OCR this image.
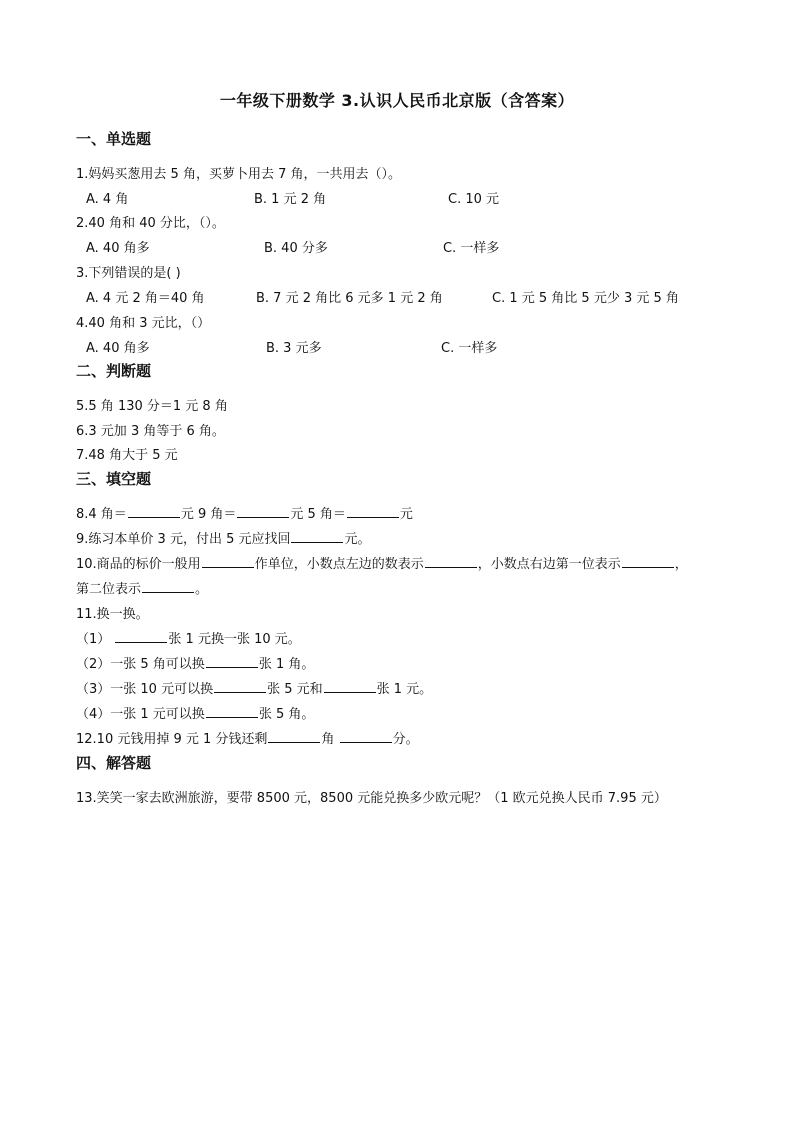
一年级下册数学 3.认识人民币北京版（含答案）
一、单选题
1.妈妈买葱用去 5 角，买萝卜用去 7 角，一共用去（）。
A. 4 角	B. 1 元 2 角	C. 10 元
2.40 角和 40 分比，（）。
A. 40 角多	B. 40 分多	C. 一样多
3.下列错误的是( )
A. 4 元 2 角＝40 角	B. 7 元 2 角比 6 元多 1 元 2 角	C. 1 元 5 角比 5 元少 3 元 5 角
4.40 角和 3 元比，（）
A. 40 角多	B. 3 元多	C. 一样多
二、判断题
5.5 角 130 分＝1 元 8 角
6.3 元加 3 角等于 6 角。
7.48 角大于 5 元
三、填空题
8.4 角＝	元 9 角＝	元 5 角＝	元
9.练习本单价 3 元，付出 5 元应找回	元。
10.商品的标价一般用	作单位，小数点左边的数表示	，小数点右边第一位表示	，
第二位表示	。
11.换一换。
（1）	张 1 元换一张 10 元。
（2）一张 5 角可以换	张 1 角。
（3）一张 10 元可以换	张 5 元和	张 1 元。
（4）一张 1 元可以换	张 5 角。
12.10 元钱用掉 9 元 1 分钱还剩	角	分。
四、解答题
13.笑笑一家去欧洲旅游，要带 8500 元，8500 元能兑换多少欧元呢？（1 欧元兑换人民币 7.95 元）
